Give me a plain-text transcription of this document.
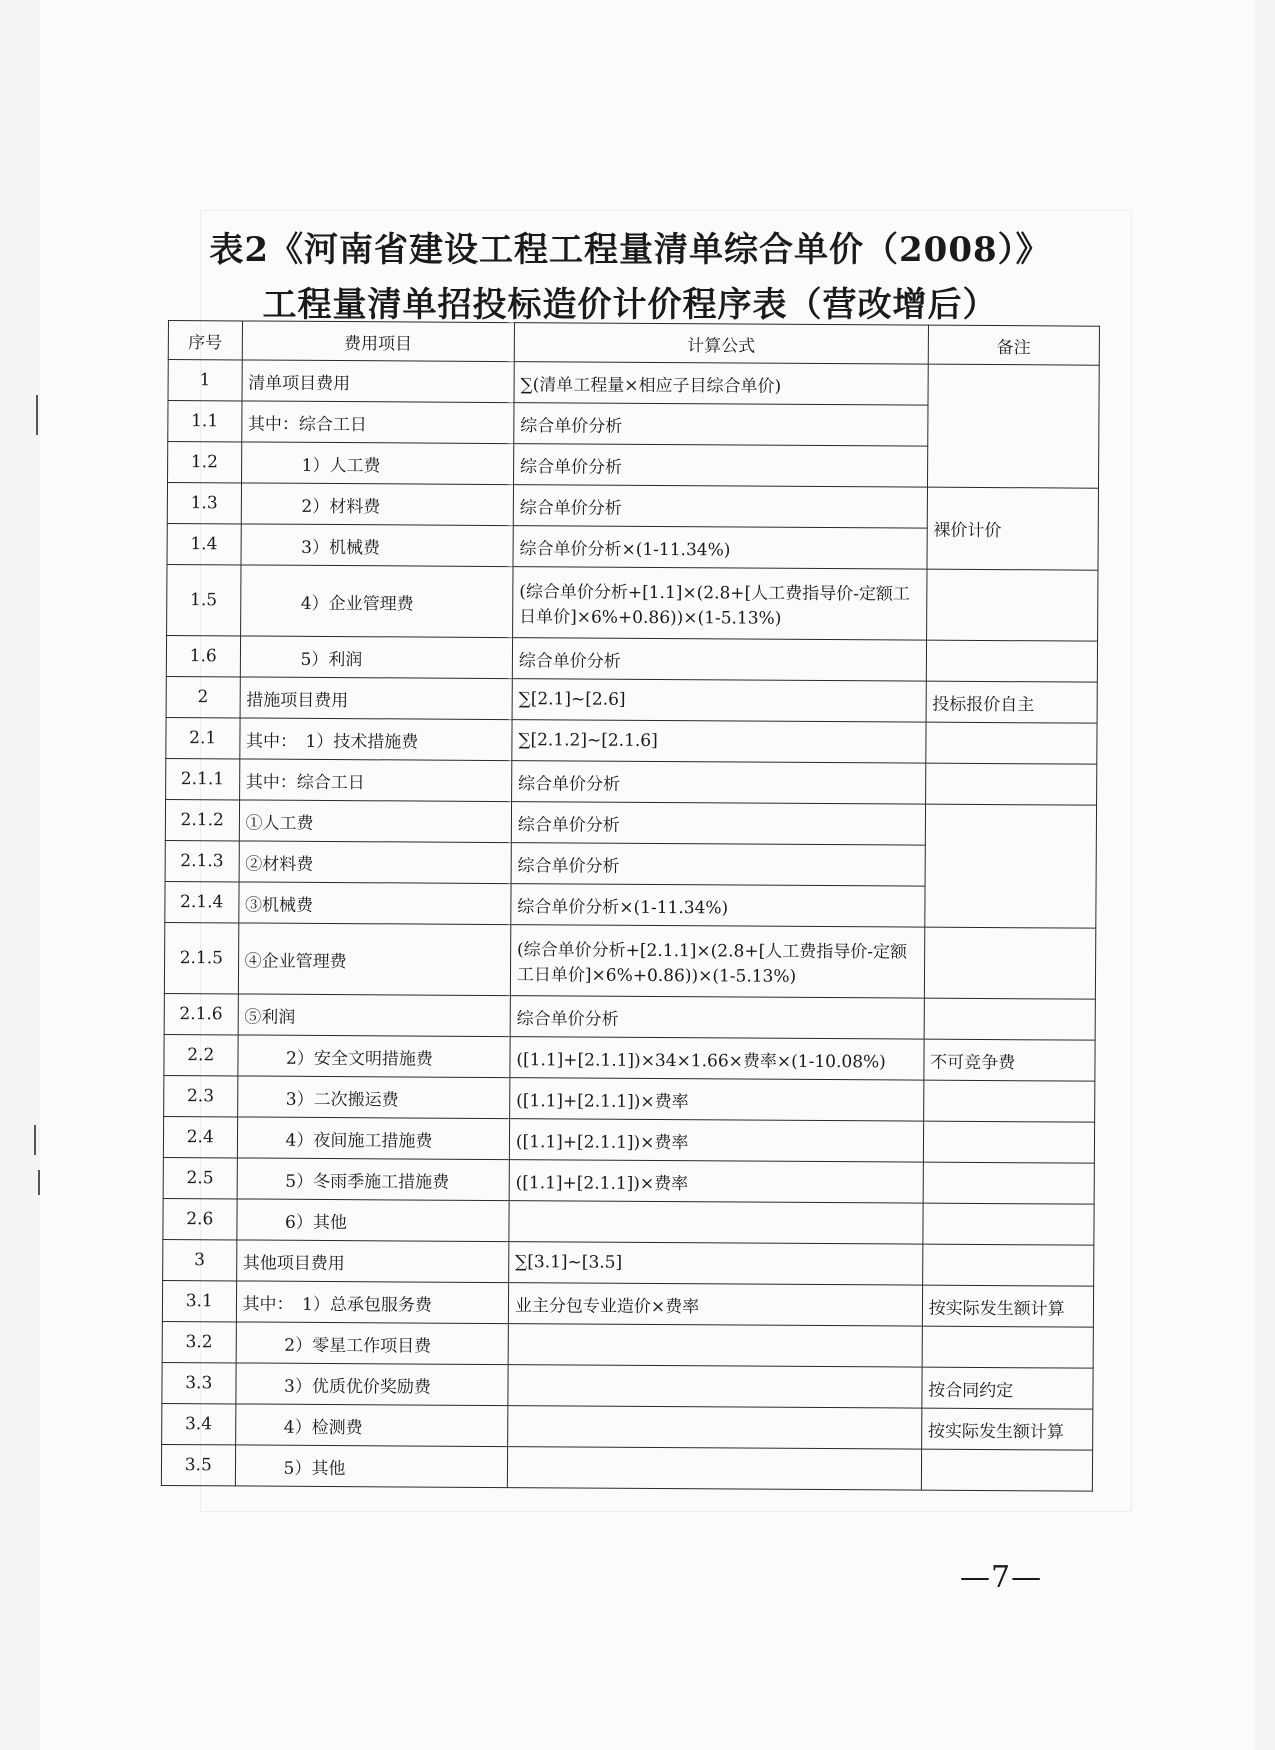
表2《河南省建设工程工程量清单综合单价（2008）》
工程量清单招投标造价计价程序表（营改增后）
序号	费用项目	计算公式	备注
1	清单项目费用	∑(清单工程量×相应子目综合单价)	
1.1	其中：综合工日	综合单价分析	
1.2	1）人工费	综合单价分析	
1.3	2）材料费	综合单价分析	裸价计价
1.4	3）机械费	综合单价分析×(1-11.34%)	
1.5	4）企业管理费	(综合单价分析+[1.1]×(2.8+[人工费指导价-定额工日单价]×6%+0.86))×(1-5.13%)	
1.6	5）利润	综合单价分析	
2	措施项目费用	∑[2.1]~[2.6]	投标报价自主
2.1	其中：　1）技术措施费	∑[2.1.2]~[2.1.6]	
2.1.1	其中：综合工日	综合单价分析	
2.1.2	①人工费	综合单价分析	
2.1.3	②材料费	综合单价分析	
2.1.4	③机械费	综合单价分析×(1-11.34%)	
2.1.5	④企业管理费	(综合单价分析+[2.1.1]×(2.8+[人工费指导价-定额工日单价]×6%+0.86))×(1-5.13%)	
2.1.6	⑤利润	综合单价分析	
2.2	2）安全文明措施费	([1.1]+[2.1.1])×34×1.66×费率×(1-10.08%)	不可竞争费
2.3	3）二次搬运费	([1.1]+[2.1.1])×费率	
2.4	4）夜间施工措施费	([1.1]+[2.1.1])×费率	
2.5	5）冬雨季施工措施费	([1.1]+[2.1.1])×费率	
2.6	6）其他		
3	其他项目费用	∑[3.1]~[3.5]	
3.1	其中：　1）总承包服务费	业主分包专业造价×费率	按实际发生额计算
3.2	2）零星工作项目费		
3.3	3）优质优价奖励费		按合同约定
3.4	4）检测费		按实际发生额计算
3.5	5）其他		
—7—
